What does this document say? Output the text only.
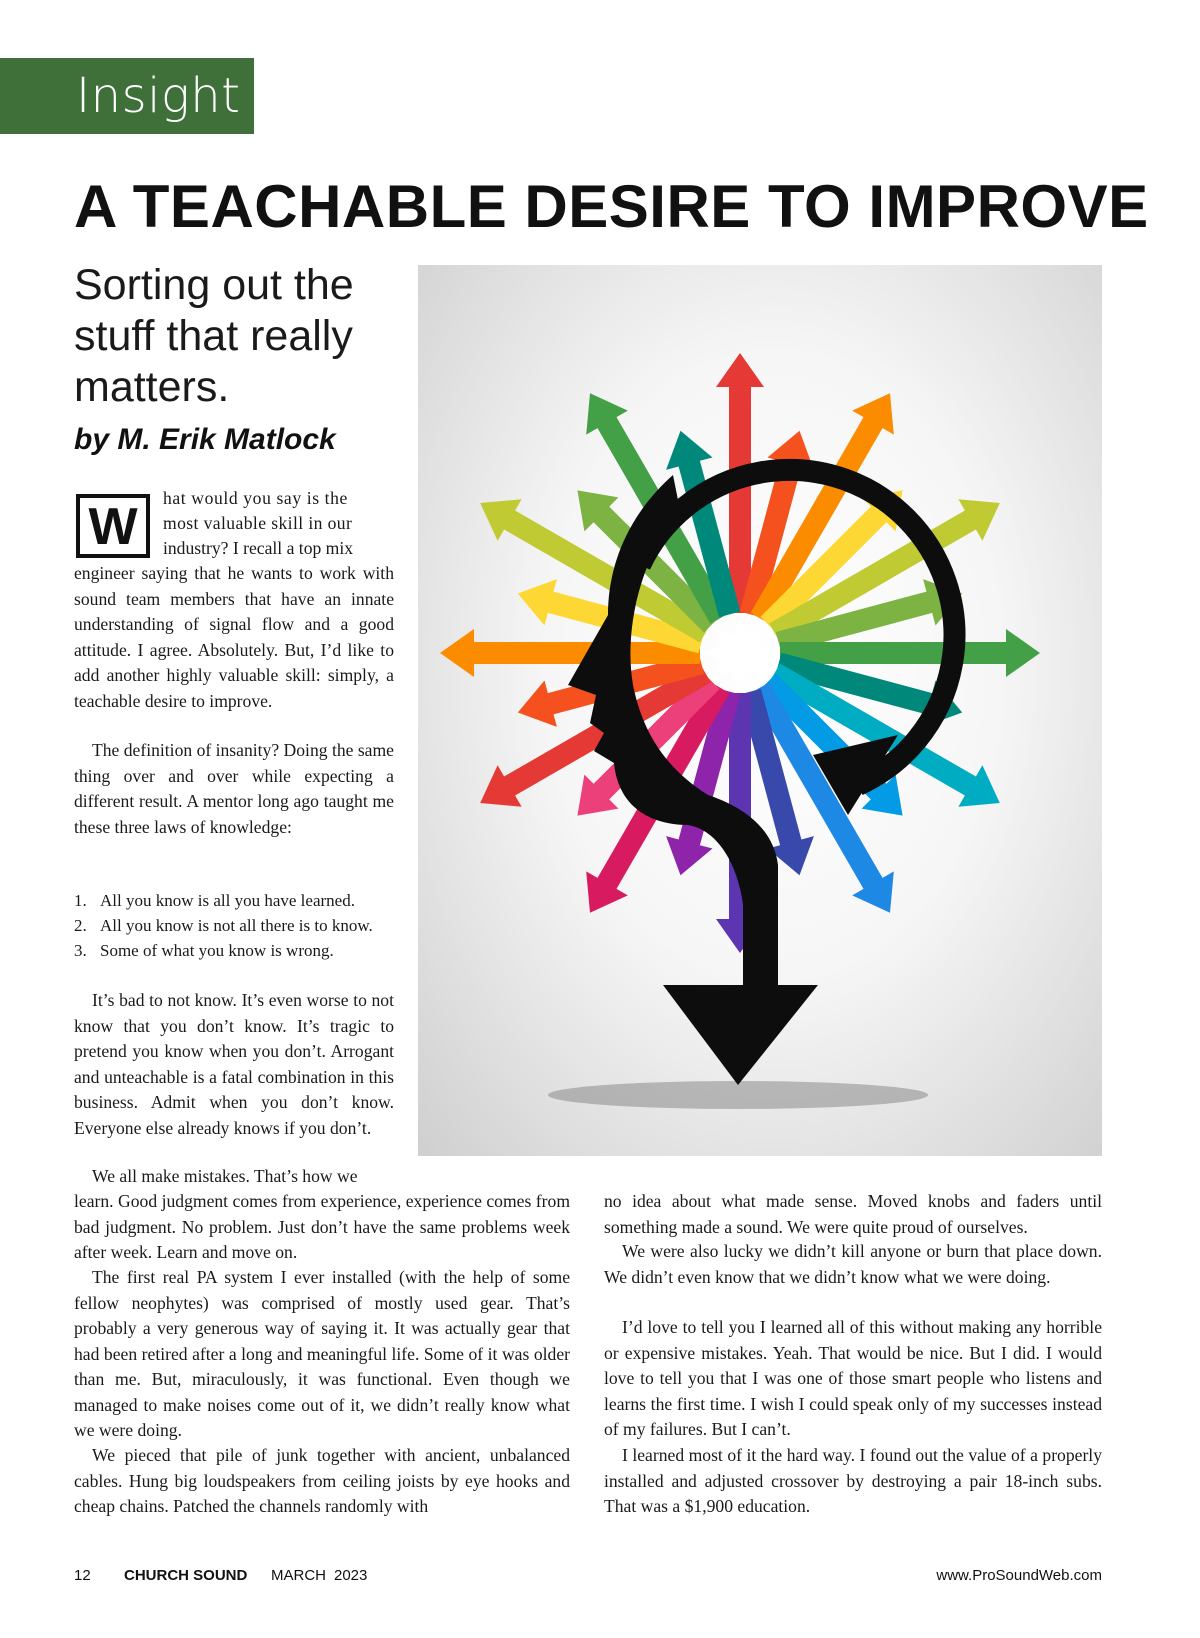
Insight
A TEACHABLE DESIRE TO IMPROVE

Sorting out the stuff that really matters.

by M. Erik Matlock

W	hat would you say is the
most valuable skill in our
industry? I recall a top mix

engineer saying that he wants to work with sound team members that have an innate understanding of signal flow and a good attitude. I agree. Absolutely. But, I’d like to add another highly valuable skill: simply, a teachable desire to improve.

The definition of insanity? Doing the same thing over and over while expecting a different result. A mentor long ago taught me these three laws of knowledge:

1. All you know is all you have learned.
2. All you know is not all there is to know.
3. Some of what you know is wrong.

It’s bad to not know. It’s even worse to not know that you don’t know. It’s tragic to pretend you know when you don’t. Arrogant and unteachable is a fatal combination in this business. Admit when you don’t know. Everyone else already knows if you don’t.

We all make mistakes. That’s how we

learn. Good judgment comes from experience, experience comes from bad judgment. No problem. Just don’t have the same problems week after week. Learn and move on.

The first real PA system I ever installed (with the help of some fellow neophytes) was comprised of mostly used gear. That’s probably a very generous way of saying it. It was actually gear that had been retired after a long and meaningful life. Some of it was older than me. But, miraculously, it was functional. Even though we managed to make noises come out of it, we didn’t really know what we were doing.

We pieced that pile of junk together with ancient, unbalanced cables. Hung big loudspeakers from ceiling joists by eye hooks and cheap chains. Patched the channels randomly with

no idea about what made sense. Moved knobs and faders until something made a sound. We were quite proud of ourselves.

We were also lucky we didn’t kill anyone or burn that place down. We didn’t even know that we didn’t know what we were doing.

I’d love to tell you I learned all of this without making any horrible or expensive mistakes. Yeah. That would be nice. But I did. I would love to tell you that I was one of those smart people who listens and learns the first time. I wish I could speak only of my successes instead of my failures. But I can’t.

I learned most of it the hard way. I found out the value of a properly installed and adjusted crossover by destroying a pair 18-inch subs. That was a $1,900 education.

12 CHURCH SOUND MARCH 2023	www.ProSoundWeb.com
